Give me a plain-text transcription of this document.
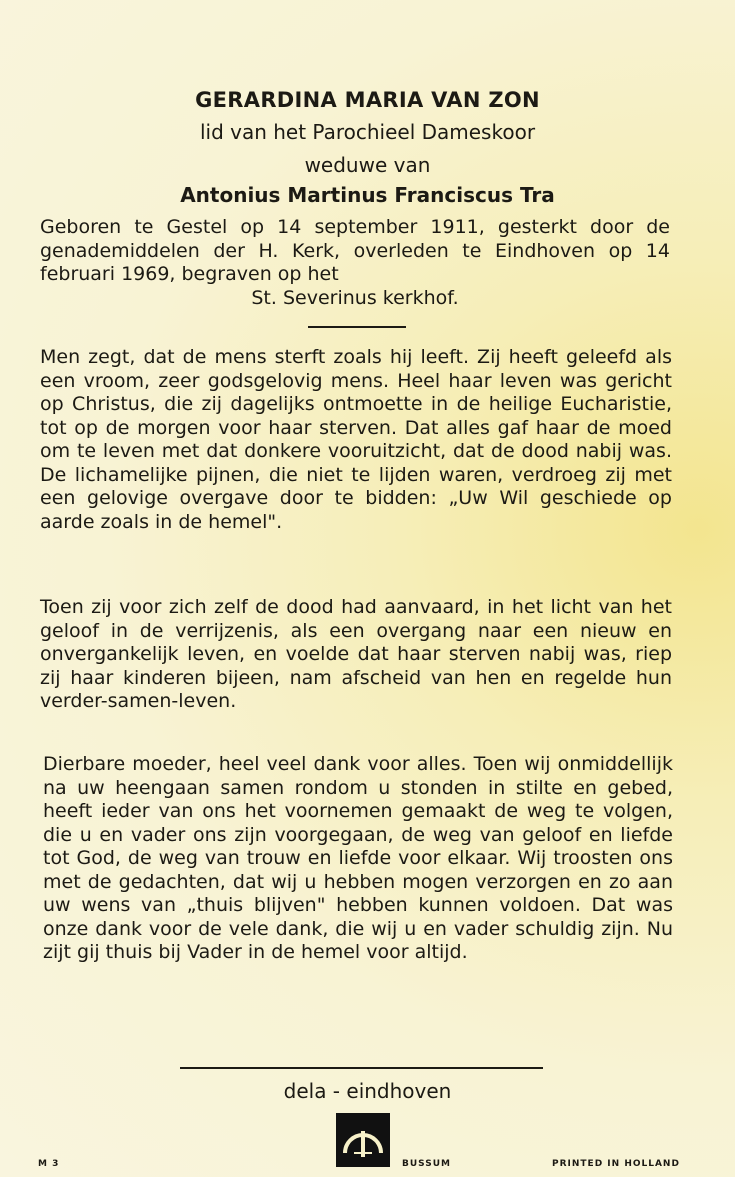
GERARDINA MARIA VAN ZON
lid van het Parochieel Dameskoor
weduwe van
Antonius Martinus Franciscus Tra
Geboren te Gestel op 14 september 1911, gesterkt door de genademiddelen der H. Kerk, overleden te Eindhoven op 14 februari 1969, begraven op het
St. Severinus kerkhof.
Men zegt, dat de mens sterft zoals hij leeft. Zij heeft geleefd als een vroom, zeer godsgelovig mens. Heel haar leven was gericht op Christus, die zij dagelijks ontmoette in de heilige Eucharistie, tot op de morgen voor haar sterven. Dat alles gaf haar de moed om te leven met dat donkere vooruitzicht, dat de dood nabij was. De lichamelijke pijnen, die niet te lijden waren, verdroeg zij met een gelovige overgave door te bidden: „Uw Wil geschiede op aarde zoals in de hemel".
Toen zij voor zich zelf de dood had aanvaard, in het licht van het geloof in de verrijzenis, als een overgang naar een nieuw en onvergankelijk leven, en voelde dat haar sterven nabij was, riep zij haar kinderen bijeen, nam afscheid van hen en regelde hun verder-samen-leven.
Dierbare moeder, heel veel dank voor alles. Toen wij onmiddellijk na uw heengaan samen rondom u stonden in stilte en gebed, heeft ieder van ons het voornemen gemaakt de weg te volgen, die u en vader ons zijn voorgegaan, de weg van geloof en liefde tot God, de weg van trouw en liefde voor elkaar. Wij troosten ons met de gedachten, dat wij u hebben mogen verzorgen en zo aan uw wens van „thuis blijven" hebben kunnen voldoen. Dat was onze dank voor de vele dank, die wij u en vader schuldig zijn. Nu zijt gij thuis bij Vader in de hemel voor altijd.
dela - eindhoven
M 3	BUSSUM	PRINTED IN HOLLAND
